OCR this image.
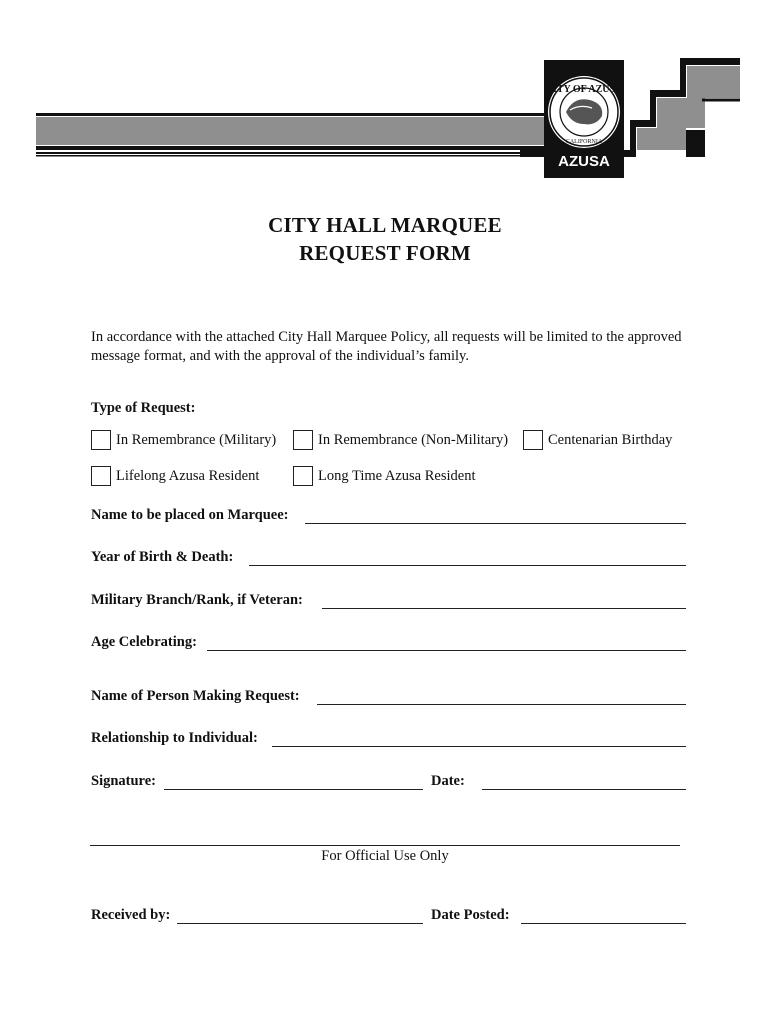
CITY OF AZUSA
CALIFORNIA
AZUSA
CITY HALL MARQUEE
REQUEST FORM
In accordance with the attached City Hall Marquee Policy, all requests will be limited to the approved message format, and with the approval of the individual’s family.
Type of Request:
In Remembrance (Military)	In Remembrance (Non-Military)	Centenarian Birthday
Lifelong Azusa Resident	Long Time Azusa Resident
Name to be placed on Marquee:
Year of Birth & Death:
Military Branch/Rank, if Veteran:
Age Celebrating:
Name of Person Making Request:
Relationship to Individual:
Signature:	Date:
For Official Use Only
Received by:	Date Posted:
